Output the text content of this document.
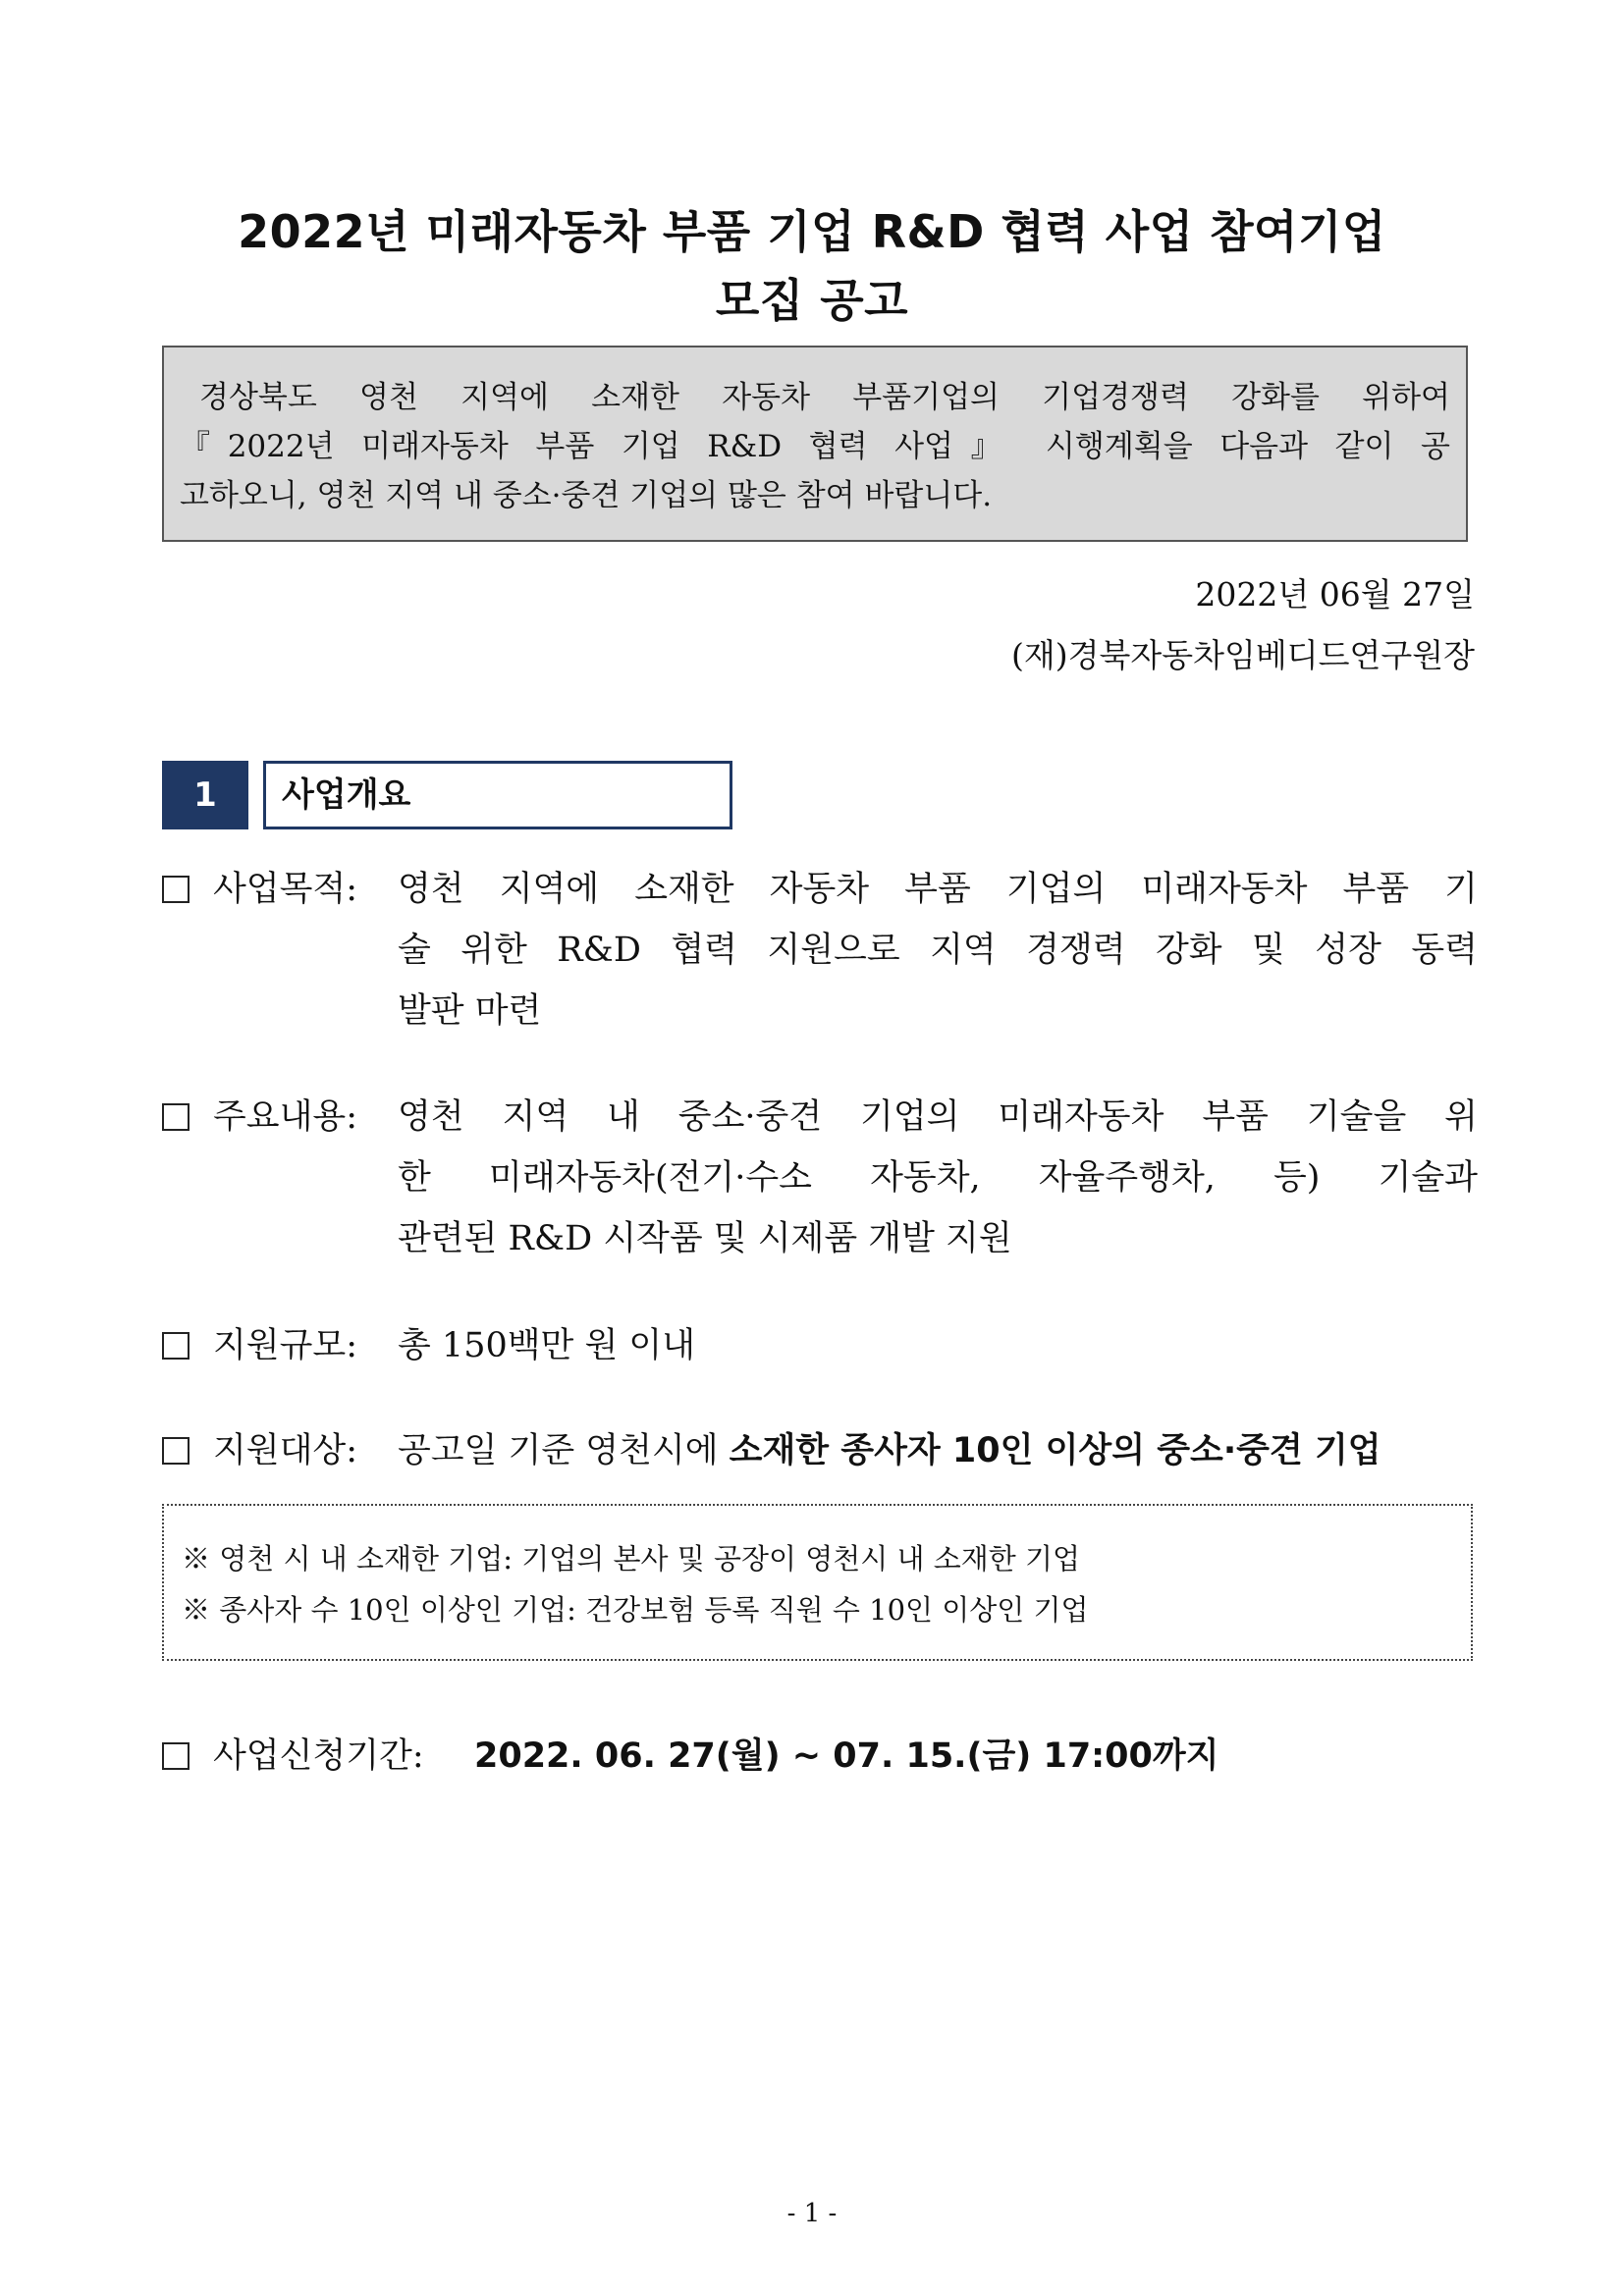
2022년 미래자동차 부품 기업 R&D 협력 사업 참여기업
모집 공고
경상북도 영천 지역에 소재한 자동차 부품기업의 기업경쟁력 강화를 위하여
『2022년 미래자동차 부품 기업 R&D 협력 사업』 시행계획을 다음과 같이 공
고하오니, 영천 지역 내 중소·중견 기업의 많은 참여 바랍니다.
2022년 06월 27일
(재)경북자동차임베디드연구원장
1	사업개요
사업목적: 영천 지역에 소재한 자동차 부품 기업의 미래자동차 부품 기
술 위한 R&D 협력 지원으로 지역 경쟁력 강화 및 성장 동력
발판 마련
주요내용: 영천 지역 내 중소·중견 기업의 미래자동차 부품 기술을 위
한 미래자동차(전기·수소 자동차, 자율주행차, 등) 기술과
관련된 R&D 시작품 및 시제품 개발 지원
지원규모: 총 150백만 원 이내
지원대상: 공고일 기준 영천시에 소재한 종사자 10인 이상의 중소·중견 기업
※ 영천 시 내 소재한 기업: 기업의 본사 및 공장이 영천시 내 소재한 기업
※ 종사자 수 10인 이상인 기업: 건강보험 등록 직원 수 10인 이상인 기업
사업신청기간: 2022. 06. 27(월) ~ 07. 15.(금) 17:00까지
- 1 -
